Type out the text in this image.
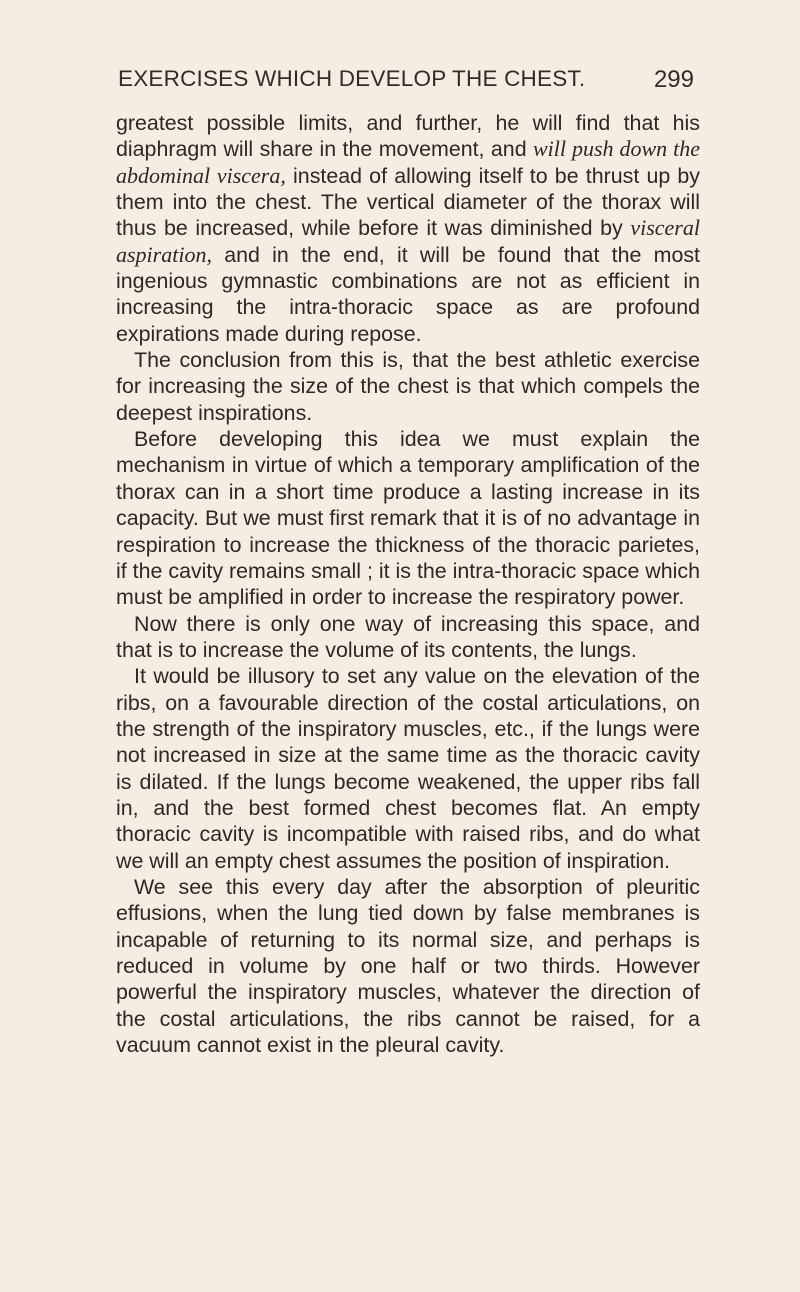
EXERCISES WHICH DEVELOP THE CHEST.	299

greatest possible limits, and further, he will find that his diaphragm will share in the movement, and will push down the abdominal viscera, instead of allowing itself to be thrust up by them into the chest. The vertical diameter of the thorax will thus be increased, while before it was diminished by visceral aspiration, and in the end, it will be found that the most ingenious gymnastic combinations are not as efficient in increasing the intra-thoracic space as are profound expirations made during repose.

The conclusion from this is, that the best athletic exercise for increasing the size of the chest is that which compels the deepest inspirations.

Before developing this idea we must explain the mechanism in virtue of which a temporary amplification of the thorax can in a short time produce a lasting increase in its capacity. But we must first remark that it is of no advantage in respiration to increase the thickness of the thoracic parietes, if the cavity remains small ; it is the intra-thoracic space which must be amplified in order to increase the respiratory power.

Now there is only one way of increasing this space, and that is to increase the volume of its contents, the lungs.

It would be illusory to set any value on the elevation of the ribs, on a favourable direction of the costal articulations, on the strength of the inspiratory muscles, etc., if the lungs were not increased in size at the same time as the thoracic cavity is dilated. If the lungs become weakened, the upper ribs fall in, and the best formed chest becomes flat. An empty thoracic cavity is incompatible with raised ribs, and do what we will an empty chest assumes the position of inspiration.

We see this every day after the absorption of pleuritic effusions, when the lung tied down by false membranes is incapable of returning to its normal size, and perhaps is reduced in volume by one half or two thirds. However powerful the inspiratory muscles, whatever the direction of the costal articulations, the ribs cannot be raised, for a vacuum cannot exist in the pleural cavity.
